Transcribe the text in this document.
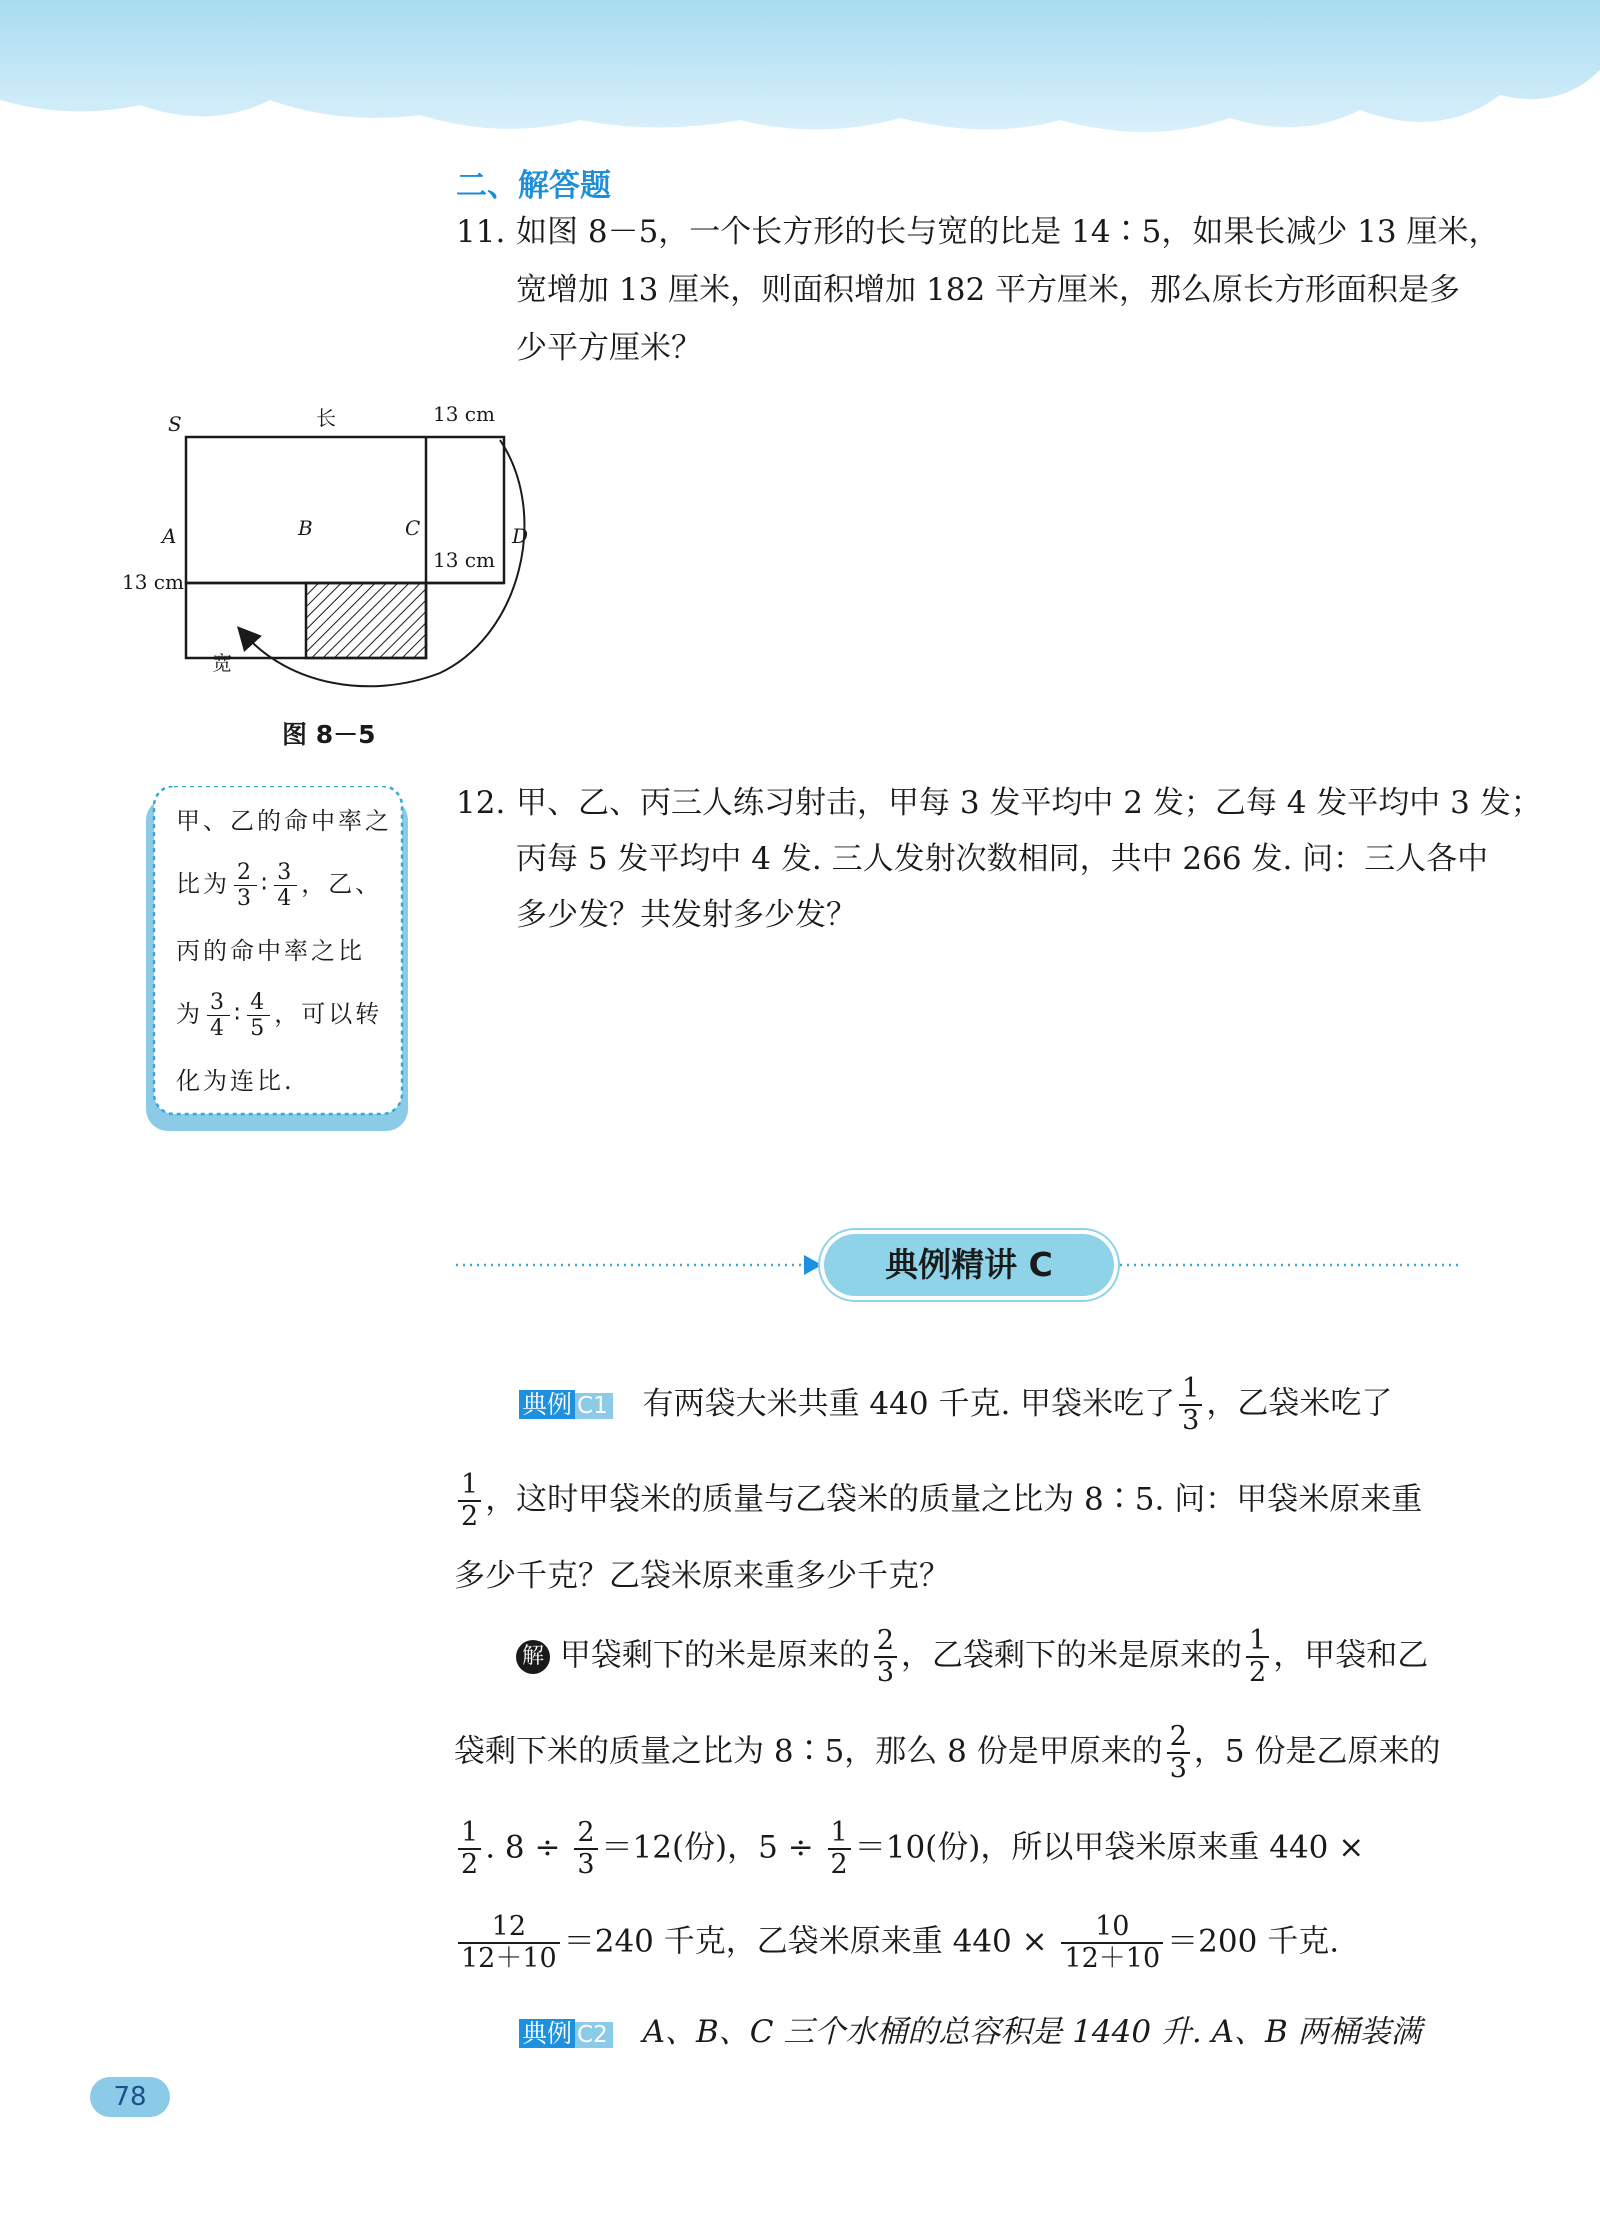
二、解答题
11. 如图 8－5，一个长方形的长与宽的比是 14∶5，如果长减少 13 厘米，
宽增加 13 厘米，则面积增加 182 平方厘米，那么原长方形面积是多
少平方厘米？
S	长	13 cm
A	B	C	D
13 cm
13 cm
宽
图 8－5
甲、乙的命中率之
比为 $\frac{2}{3}$ ∶ $\frac{3}{4}$ ，乙、
丙的命中率之比
为 $\frac{3}{4}$ ∶ $\frac{4}{5}$ ，可以转
化为连比.
12. 甲、乙、丙三人练习射击，甲每 3 发平均中 2 发；乙每 4 发平均中 3 发；
丙每 5 发平均中 4 发. 三人发射次数相同，共中 266 发. 问：三人各中
多少发？共发射多少发？
典例精讲 C
典例 C1 有两袋大米共重 440 千克. 甲袋米吃了 $\frac{1}{3}$ ，乙袋米吃了
$\frac{1}{2}$ ，这时甲袋米的质量与乙袋米的质量之比为 8∶5. 问：甲袋米原来重
多少千克？乙袋米原来重多少千克？
解 甲袋剩下的米是原来的 $\frac{2}{3}$ ，乙袋剩下的米是原来的 $\frac{1}{2}$ ，甲袋和乙
袋剩下米的质量之比为 8∶5，那么 8 份是甲原来的 $\frac{2}{3}$ ，5 份是乙原来的
$\frac{1}{2}$ . $8 \div \frac{2}{3} =12$(份)，$5 \div \frac{1}{2} =10$(份)，所以甲袋米原来重 440 ×
$\frac{12}{12+10} =240$ 千克，乙袋米原来重 $440 \times \frac{10}{12+10} =200$ 千克.
典例 C2 A、B、C 三个水桶的总容积是 1440 升. A、B 两桶装满
78
